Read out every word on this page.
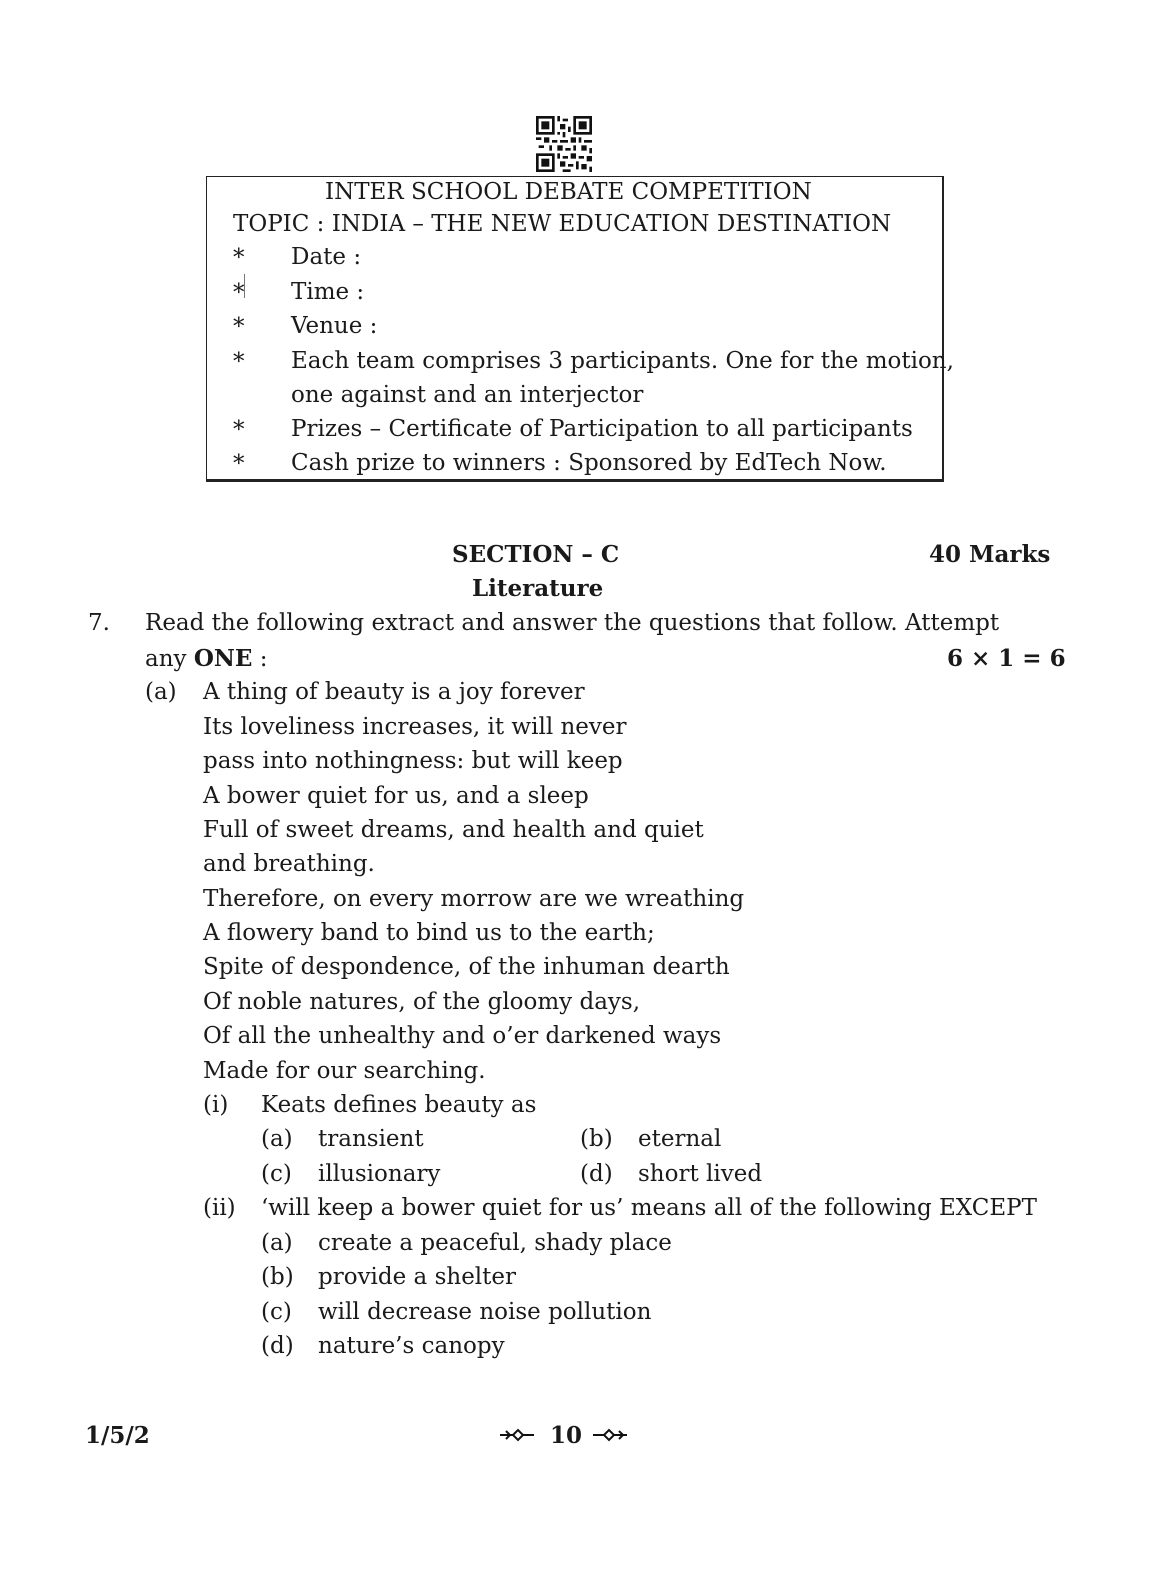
INTER SCHOOL DEBATE COMPETITION
TOPIC : INDIA – THE NEW EDUCATION DESTINATION
* Date :
* Time :
* Venue :
* Each team comprises 3 participants. One for the motion,
one against and an interjector
* Prizes – Certificate of Participation to all participants
* Cash prize to winners : Sponsored by EdTech Now.
SECTION – C	40 Marks
Literature
7. Read the following extract and answer the questions that follow. Attempt
any ONE :	6 × 1 = 6
(a) A thing of beauty is a joy forever
Its loveliness increases, it will never
pass into nothingness: but will keep
A bower quiet for us, and a sleep
Full of sweet dreams, and health and quiet
and breathing.
Therefore, on every morrow are we wreathing
A flowery band to bind us to the earth;
Spite of despondence, of the inhuman dearth
Of noble natures, of the gloomy days,
Of all the unhealthy and o’er darkened ways
Made for our searching.
(i) Keats defines beauty as
(a) transient	(b) eternal
(c) illusionary	(d) short lived
(ii) ‘will keep a bower quiet for us’ means all of the following EXCEPT
(a) create a peaceful, shady place
(b) provide a shelter
(c) will decrease noise pollution
(d) nature’s canopy
1/5/2	10
